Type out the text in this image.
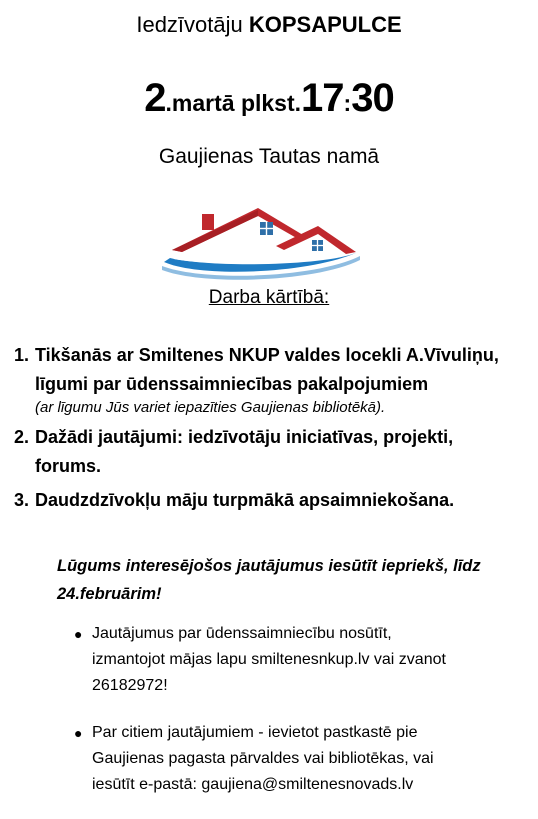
Iedzīvotāju KOPSAPULCE
2.martā plkst.17:30
Gaujienas Tautas namā
Darba kārtībā:
1. Tikšanās ar Smiltenes NKUP valdes locekli A.Vīvuliņu,
līgumi par ūdenssaimniecības pakalpojumiem
(ar līgumu Jūs variet iepazīties Gaujienas bibliotēkā).
2. Dažādi jautājumi: iedzīvotāju iniciatīvas, projekti,
forums.
3. Daudzdzīvokļu māju turpmākā apsaimniekošana.
Lūgums interesējošos jautājumus iesūtīt iepriekš, līdz
24.februārim!
● Jautājumus par ūdenssaimniecību nosūtīt,
izmantojot mājas lapu smiltenesnkup.lv vai zvanot
26182972!
● Par citiem jautājumiem - ievietot pastkastē pie
Gaujienas pagasta pārvaldes vai bibliotēkas, vai
iesūtīt e-pastā: gaujiena@smiltenesnovads.lv
